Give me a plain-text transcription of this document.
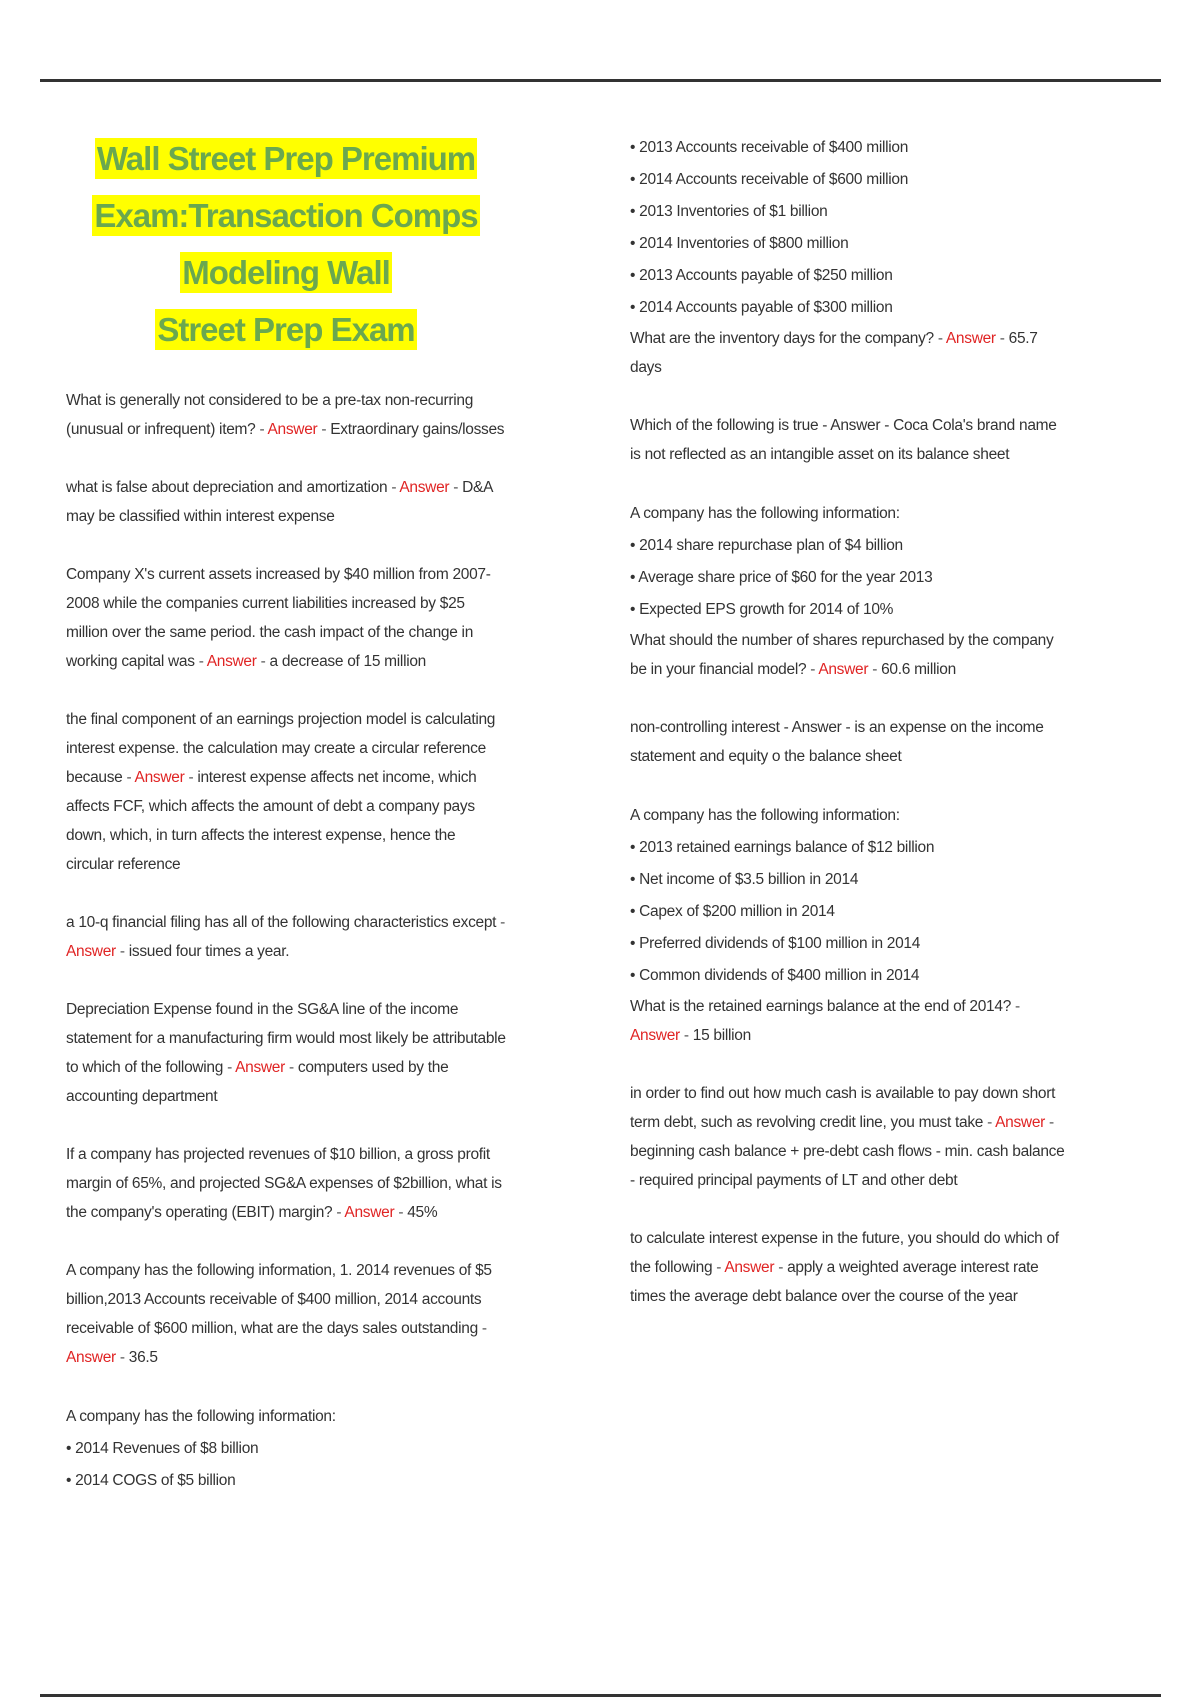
Wall Street Prep Premium
Exam:Transaction Comps Modeling Wall
Street Prep Exam
What is generally not considered to be a pre-tax non-recurring (unusual or infrequent) item? - Answer - Extraordinary gains/losses
what is false about depreciation and amortization - Answer - D&A may be classified within interest expense
Company X's current assets increased by $40 million from 2007-2008 while the companies current liabilities increased by $25 million over the same period. the cash impact of the change in working capital was - Answer - a decrease of 15 million
the final component of an earnings projection model is calculating interest expense. the calculation may create a circular reference because - Answer - interest expense affects net income, which affects FCF, which affects the amount of debt a company pays down, which, in turn affects the interest expense, hence the circular reference
a 10-q financial filing has all of the following characteristics except - Answer - issued four times a year.
Depreciation Expense found in the SG&A line of the income statement for a manufacturing firm would most likely be attributable to which of the following - Answer - computers used by the accounting department
If a company has projected revenues of $10 billion, a gross profit margin of 65%, and projected SG&A expenses of $2billion, what is the company's operating (EBIT) margin? - Answer - 45%
A company has the following information, 1. 2014 revenues of $5 billion,2013 Accounts receivable of $400 million, 2014 accounts receivable of $600 million, what are the days sales outstanding - Answer - 36.5
A company has the following information:
• 2014 Revenues of $8 billion
• 2014 COGS of $5 billion
• 2013 Accounts receivable of $400 million
• 2014 Accounts receivable of $600 million
• 2013 Inventories of $1 billion
• 2014 Inventories of $800 million
• 2013 Accounts payable of $250 million
• 2014 Accounts payable of $300 million
What are the inventory days for the company? - Answer - 65.7 days
Which of the following is true - Answer - Coca Cola's brand name is not reflected as an intangible asset on its balance sheet
A company has the following information:
• 2014 share repurchase plan of $4 billion
• Average share price of $60 for the year 2013
• Expected EPS growth for 2014 of 10%
What should the number of shares repurchased by the company be in your financial model? - Answer - 60.6 million
non-controlling interest - Answer - is an expense on the income statement and equity o the balance sheet
A company has the following information:
• 2013 retained earnings balance of $12 billion
• Net income of $3.5 billion in 2014
• Capex of $200 million in 2014
• Preferred dividends of $100 million in 2014
• Common dividends of $400 million in 2014
What is the retained earnings balance at the end of 2014? - Answer - 15 billion
in order to find out how much cash is available to pay down short term debt, such as revolving credit line, you must take - Answer - beginning cash balance + pre-debt cash flows - min. cash balance - required principal payments of LT and other debt
to calculate interest expense in the future, you should do which of the following - Answer - apply a weighted average interest rate times the average debt balance over the course of the year
